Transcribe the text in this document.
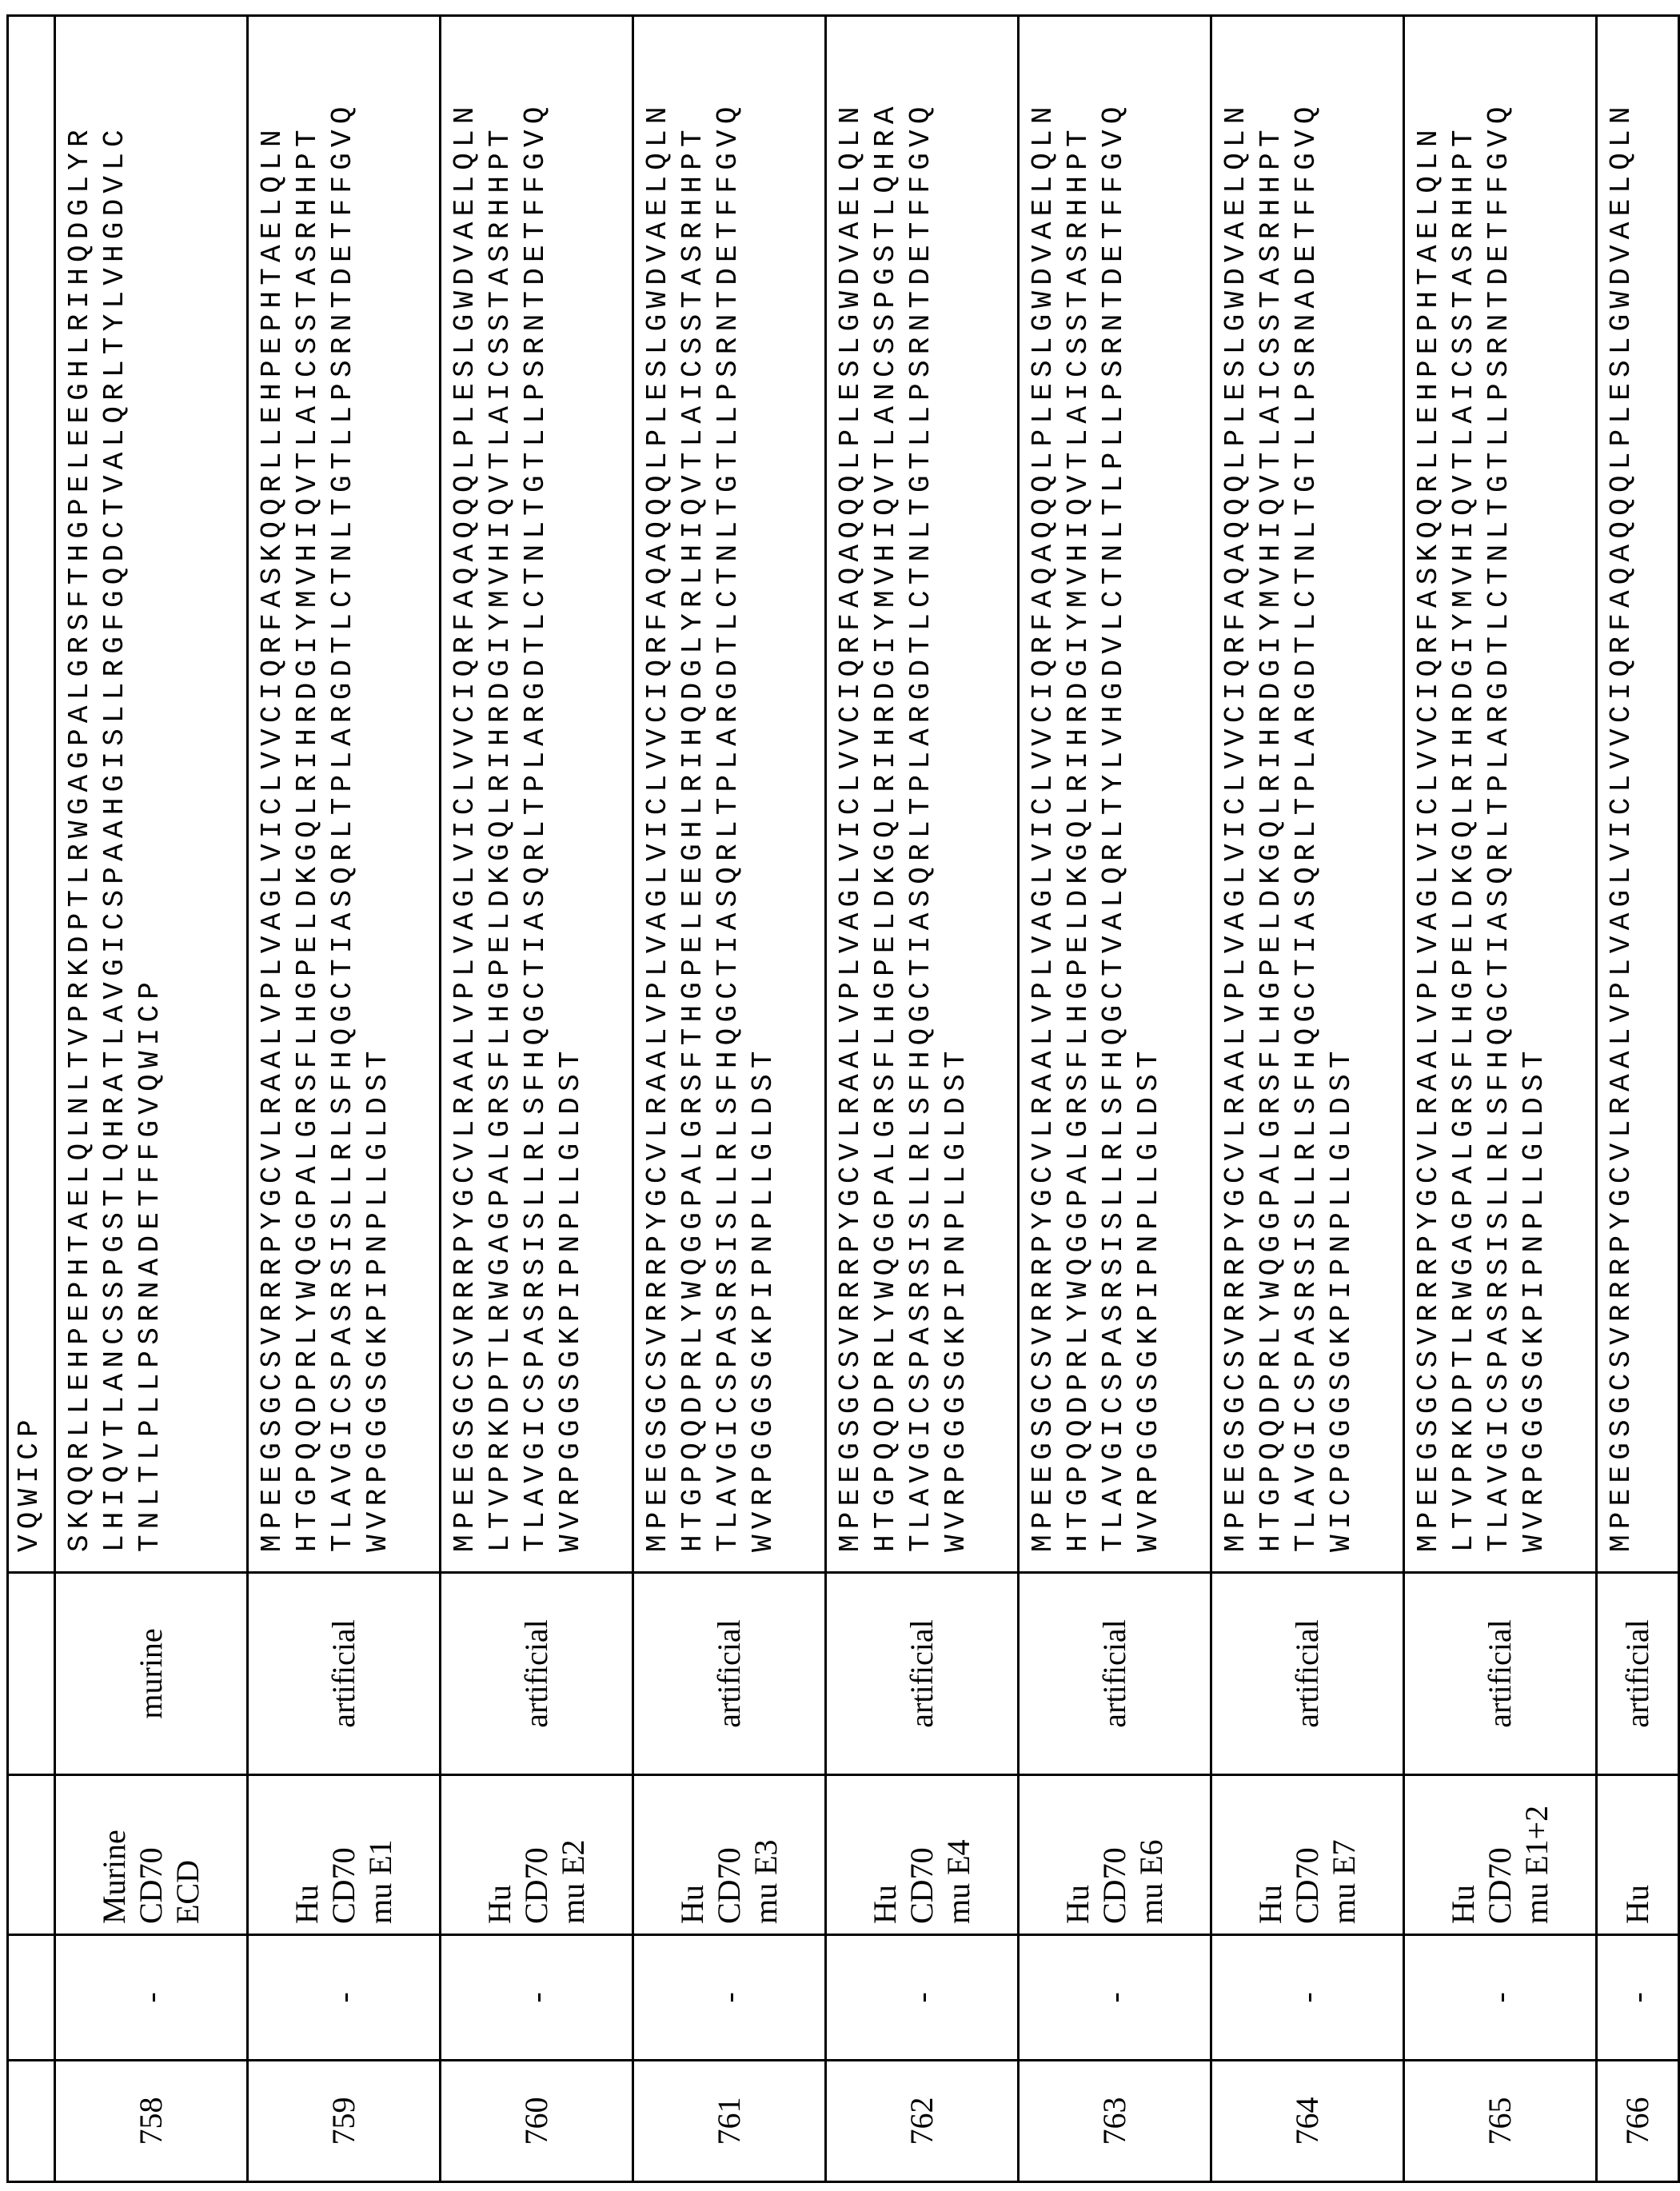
VQWICP

758

-

Murine CD70 ECD

murine

SKQQRLLEHPEPHTAELQLNLTVPRKDPTLRWGAGPALGRSFTHGPELEEGHLRIHQDGLYR LHIQVTLANCSSPGSTLQHRATLAVGICSPAAHGISLLRGFGQDCTVALQRLTYLVHGDVLC TNLTLPLLPSRNADETFFGVQWICP

759

-

Hu CD70 mu E1

artificial

MPEEGSGCSVRRRPYGCVLRAALVPLVAGLVICLVVCIQRFASKQQRLLEHPEPHTAELQLN HTGPQQDPRLYWQGGPALGRSFLHGPELDKGQLRIHRDGIYMVHIQVTLAICSSTASRHHPT TLAVGICSPASRSISLLRLSFHQGCTIASQRLTPLARGDTLCTNLTGTLLPSRNTDETFFGVQ WVRPGGGSGKPIPNPLLGLDST

760

-

Hu CD70 mu E2

artificial

MPEEGSGCSVRRRPYGCVLRAALVPLVAGLVICLVVCIQRFAQAQQQLPLESLGWDVAELQLN LTVPRKDPTLRWGAGPALGRSFLHGPELDKGQLRIHRDGIYMVHIQVTLAICSSTASRHHPT TLAVGICSPASRSISLLRLSFHQGCTIASQRLTPLARGDTLCTNLTGTLLPSRNTDETFFGVQ WVRPGGGSGKPIPNPLLGLDST

761

-

Hu CD70 mu E3

artificial

MPEEGSGCSVRRRPYGCVLRAALVPLVAGLVICLVVCIQRFAQAQQQLPLESLGWDVAELQLN HTGPQQDPRLYWQGGPALGRSFTHGPELEEGHLRIHQDGLYRLHIQVTLAICSSTASRHHPT TLAVGICSPASRSISLLRLSFHQGCTIASQRLTPLARGDTLCTNLTGTLLPSRNTDETFFGVQ WVRPGGGSGKPIPNPLLGLDST

762

-

Hu CD70 mu E4

artificial

MPEEGSGCSVRRRPYGCVLRAALVPLVAGLVICLVVCIQRFAQAQQQLPLESLGWDVAELQLN HTGPQQDPRLYWQGGPALGRSFLHGPELDKGQLRIHRDGIYMVHIQVTLANCSSPGSTLQHRA TLAVGICSPASRSISLLRLSFHQGCTIASQRLTPLARGDTLCTNLTGTLLPSRNTDETFFGVQ WVRPGGGSGKPIPNPLLGLDST

763

-

Hu CD70 mu E6

artificial

MPEEGSGCSVRRRPYGCVLRAALVPLVAGLVICLVVCIQRFAQAQQQLPLESLGWDVAELQLN HTGPQQDPRLYWQGGPALGRSFLHGPELDKGQLRIHRDGIYMVHIQVTLAICSSTASRHHPT TLAVGICSPASRSISLLRLSFHQGCTVALQRLTYLVHGDVLCTNLTLPLLPSRNTDETFFGVQ WVRPGGGSGKPIPNPLLGLDST

764

-

Hu CD70 mu E7

artificial

MPEEGSGCSVRRRPYGCVLRAALVPLVAGLVICLVVCIQRFAQAQQQLPLESLGWDVAELQLN HTGPQQDPRLYWQGGPALGRSFLHGPELDKGQLRIHRDGIYMVHIQVTLAICSSTASRHHPT TLAVGICSPASRSISLLRLSFHQGCTIASQRLTPLARGDTLCTNLTGTLLPSRNADETFFGVQ WICPGGGSGKPIPNPLLGLDST

765

-

Hu CD70 mu E1+2

artificial

MPEEGSGCSVRRRPYGCVLRAALVPLVAGLVICLVVCIQRFASKQQRLLEHPEPHTAELQLN LTVPRKDPTLRWGAGPALGRSFLHGPELDKGQLRIHRDGIYMVHIQVTLAICSSTASRHHPT TLAVGICSPASRSISLLRLSFHQGCTIASQRLTPLARGDTLCTNLTGTLLPSRNTDETFFGVQ WVRPGGGSGKPIPNPLLGLDST

766

-

Hu

artificial

MPEEGSGCSVRRRPYGCVLRAALVPLVAGLVICLVVCIQRFAQAQQQLPLESLGWDVAELQLN
